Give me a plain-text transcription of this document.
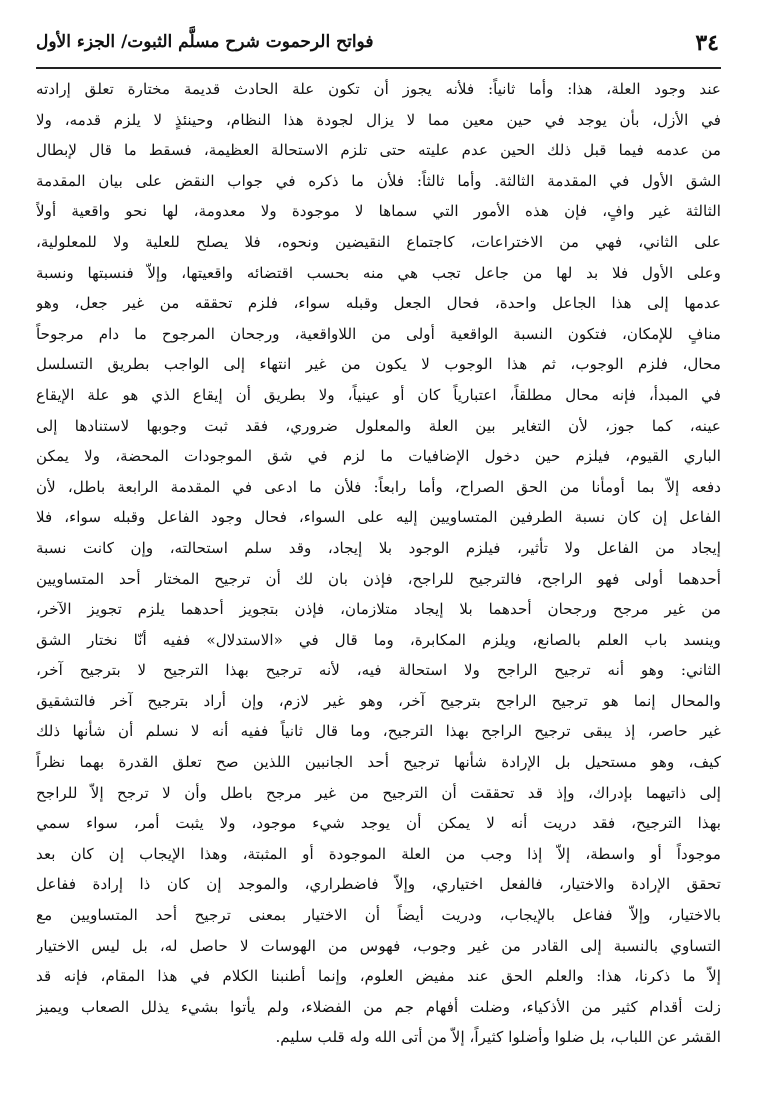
٣٤
فواتح الرحموت شرح مسلَّم الثبوت/ الجزء الأول
عند وجود العلة، هذا: وأما ثانياً: فلأنه يجوز أن تكون علة الحادث قديمة مختارة تعلق إرادته
في الأزل، بأن يوجد في حين معين مما لا يزال لجودة هذا النظام، وحينئذٍ لا يلزم قدمه، ولا
من عدمه فيما قبل ذلك الحين عدم عليته حتى تلزم الاستحالة العظيمة، فسقط ما قال لإبطال
الشق الأول في المقدمة الثالثة. وأما ثالثاً: فلأن ما ذكره في جواب النقض على بيان المقدمة
الثالثة غير وافٍ، فإن هذه الأمور التي سماها لا موجودة ولا معدومة، لها نحو واقعية أولاً
على الثاني، فهي من الاختراعات، كاجتماع النقيضين ونحوه، فلا يصلح للعلية ولا للمعلولية،
وعلى الأول فلا بد لها من جاعل تجب هي منه بحسب اقتضائه واقعيتها، وإلاّ فنسبتها ونسبة
عدمها إلى هذا الجاعل واحدة، فحال الجعل وقبله سواء، فلزم تحققه من غير جعل، وهو
منافٍ للإمكان، فتكون النسبة الواقعية أولى من اللاواقعية، ورجحان المرجوح ما دام مرجوحاً
محال، فلزم الوجوب، ثم هذا الوجوب لا يكون من غير انتهاء إلى الواجب بطريق التسلسل
في المبدأ، فإنه محال مطلقاً، اعتبارياً كان أو عينياً، ولا بطريق أن إيقاع الذي هو علة الإيقاع
عينه، كما جوز، لأن التغاير بين العلة والمعلول ضروري، فقد ثبت وجوبها لاستنادها إلى
الباري القيوم، فيلزم حين دخول الإضافيات ما لزم في شق الموجودات المحضة، ولا يمكن
دفعه إلاّ بما أومأنا من الحق الصراح، وأما رابعاً: فلأن ما ادعى في المقدمة الرابعة باطل، لأن
الفاعل إن كان نسبة الطرفين المتساويين إليه على السواء، فحال وجود الفاعل وقبله سواء، فلا
إيجاد من الفاعل ولا تأثير، فيلزم الوجود بلا إيجاد، وقد سلم استحالته، وإن كانت نسبة
أحدهما أولى فهو الراجح، فالترجيح للراجح، فإذن بان لك أن ترجيح المختار أحد المتساويين
من غير مرجح ورجحان أحدهما بلا إيجاد متلازمان، فإذن بتجويز أحدهما يلزم تجويز الآخر،
وينسد باب العلم بالصانع، ويلزم المكابرة، وما قال في «الاستدلال» ففيه أنّا نختار الشق
الثاني: وهو أنه ترجيح الراجح ولا استحالة فيه، لأنه ترجيح بهذا الترجيح لا بترجيح آخر،
والمحال إنما هو ترجيح الراجح بترجيح آخر، وهو غير لازم، وإن أراد بترجيح آخر فالتشقيق
غير حاصر، إذ يبقى ترجيح الراجح بهذا الترجيح، وما قال ثانياً ففيه أنه لا نسلم أن شأنها ذلك
كيف، وهو مستحيل بل الإرادة شأنها ترجيح أحد الجانبين اللذين صح تعلق القدرة بهما نظراً
إلى ذاتيهما بإدراك، وإذ قد تحققت أن الترجيح من غير مرجح باطل وأن لا ترجح إلاّ للراجح
بهذا الترجيح، فقد دريت أنه لا يمكن أن يوجد شيء موجود، ولا يثبت أمر، سواء سمي
موجوداً أو واسطة، إلاّ إذا وجب من العلة الموجودة أو المثبتة، وهذا الإيجاب إن كان بعد
تحقق الإرادة والاختيار، فالفعل اختياري، وإلاّ فاضطراري، والموجد إن كان ذا إرادة ففاعل
بالاختيار، وإلاّ ففاعل بالإيجاب، ودريت أيضاً أن الاختيار بمعنى ترجيح أحد المتساويين مع
التساوي بالنسبة إلى القادر من غير وجوب، فهوس من الهوسات لا حاصل له، بل ليس الاختيار
إلاّ ما ذكرنا، هذا: والعلم الحق عند مفيض العلوم، وإنما أطنبنا الكلام في هذا المقام، فإنه قد
زلت أقدام كثير من الأذكياء، وضلت أفهام جم من الفضلاء، ولم يأتوا بشيء يذلل الصعاب ويميز
القشر عن اللباب، بل ضلوا وأضلوا كثيراً، إلاّ من أتى الله وله قلب سليم.
